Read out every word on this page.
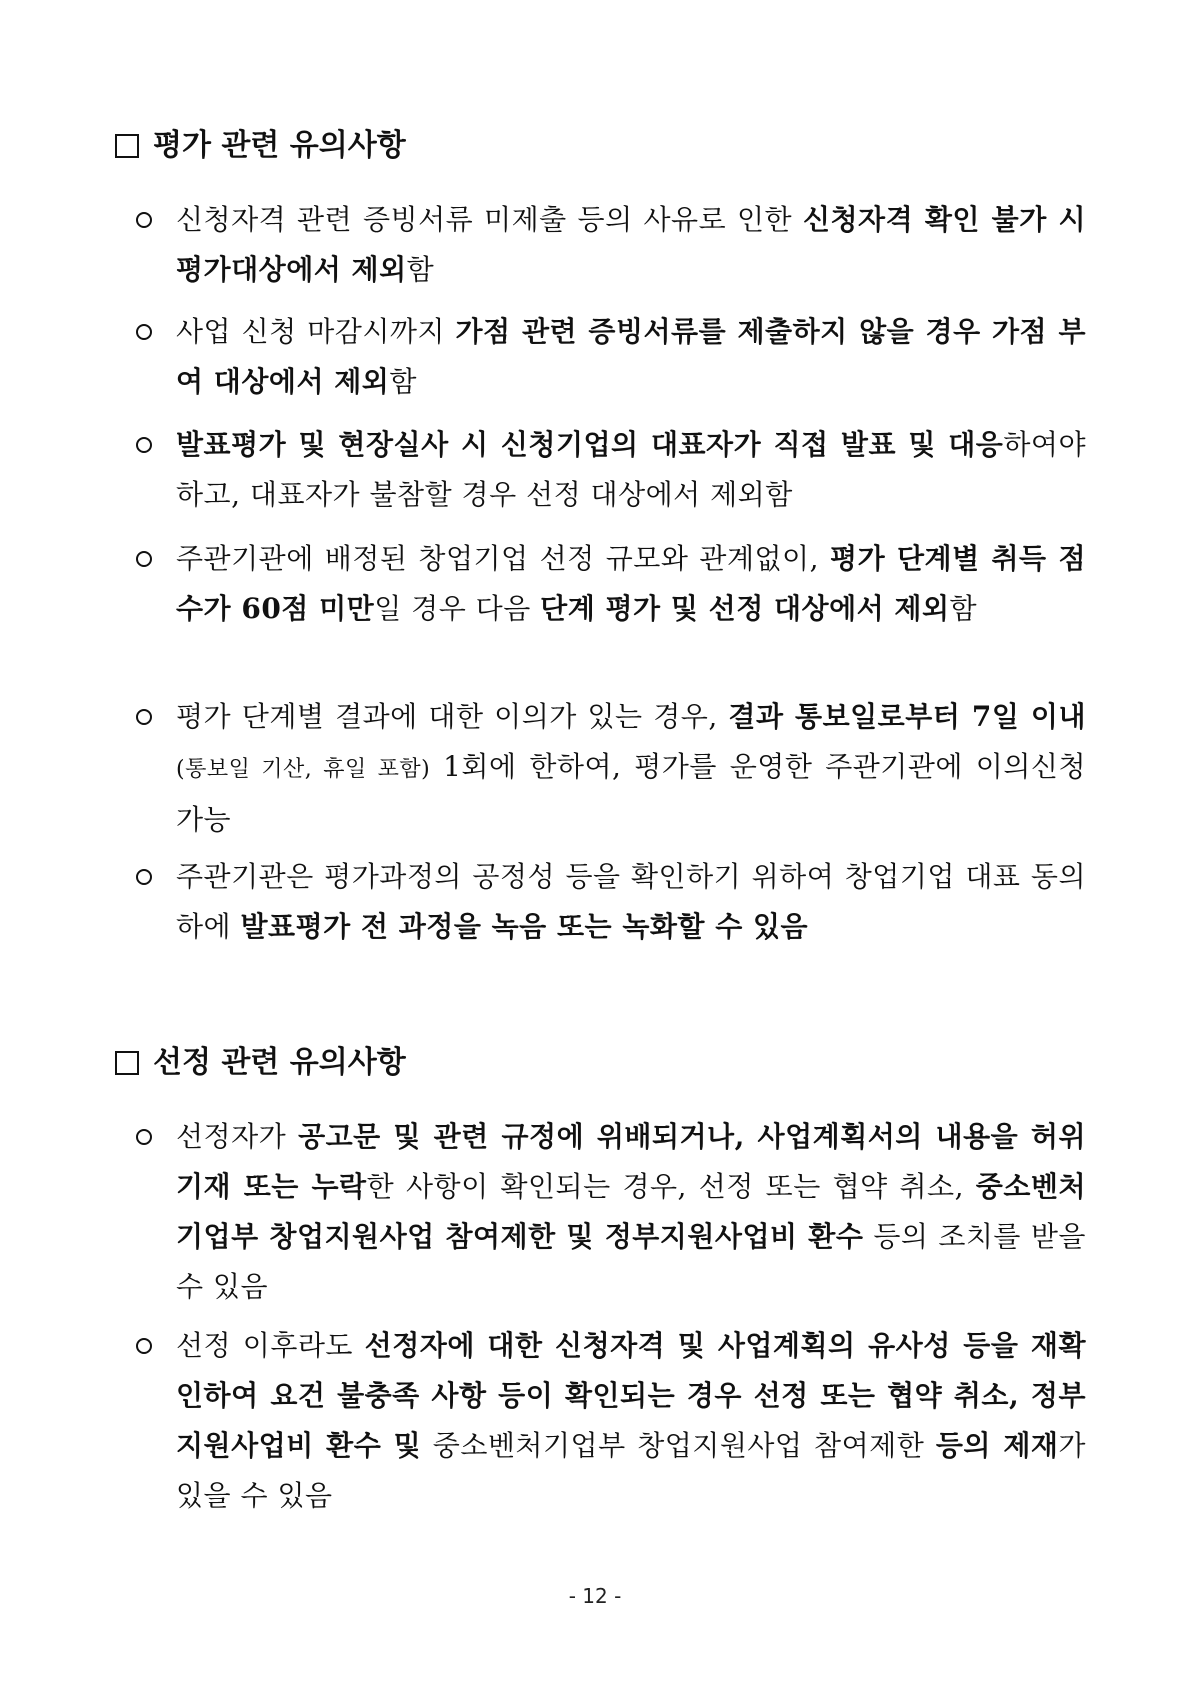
평가 관련 유의사항
신청자격 관련 증빙서류 미제출 등의 사유로 인한 신청자격 확인 불가 시 평가대상에서 제외함
사업 신청 마감시까지 가점 관련 증빙서류를 제출하지 않을 경우 가점 부여 대상에서 제외함
발표평가 및 현장실사 시 신청기업의 대표자가 직접 발표 및 대응하여야 하고, 대표자가 불참할 경우 선정 대상에서 제외함
주관기관에 배정된 창업기업 선정 규모와 관계없이, 평가 단계별 취득 점수가 60점 미만일 경우 다음 단계 평가 및 선정 대상에서 제외함
평가 단계별 결과에 대한 이의가 있는 경우, 결과 통보일로부터 7일 이내 (통보일 기산, 휴일 포함) 1회에 한하여, 평가를 운영한 주관기관에 이의신청 가능
주관기관은 평가과정의 공정성 등을 확인하기 위하여 창업기업 대표 동의하에 발표평가 전 과정을 녹음 또는 녹화할 수 있음
선정 관련 유의사항
선정자가 공고문 및 관련 규정에 위배되거나, 사업계획서의 내용을 허위 기재 또는 누락한 사항이 확인되는 경우, 선정 또는 협약 취소, 중소벤처기업부 창업지원사업 참여제한 및 정부지원사업비 환수 등의 조치를 받을 수 있음
선정 이후라도 선정자에 대한 신청자격 및 사업계획의 유사성 등을 재확인하여 요건 불충족 사항 등이 확인되는 경우 선정 또는 협약 취소, 정부지원사업비 환수 및 중소벤처기업부 창업지원사업 참여제한 등의 제재가 있을 수 있음
- 12 -
